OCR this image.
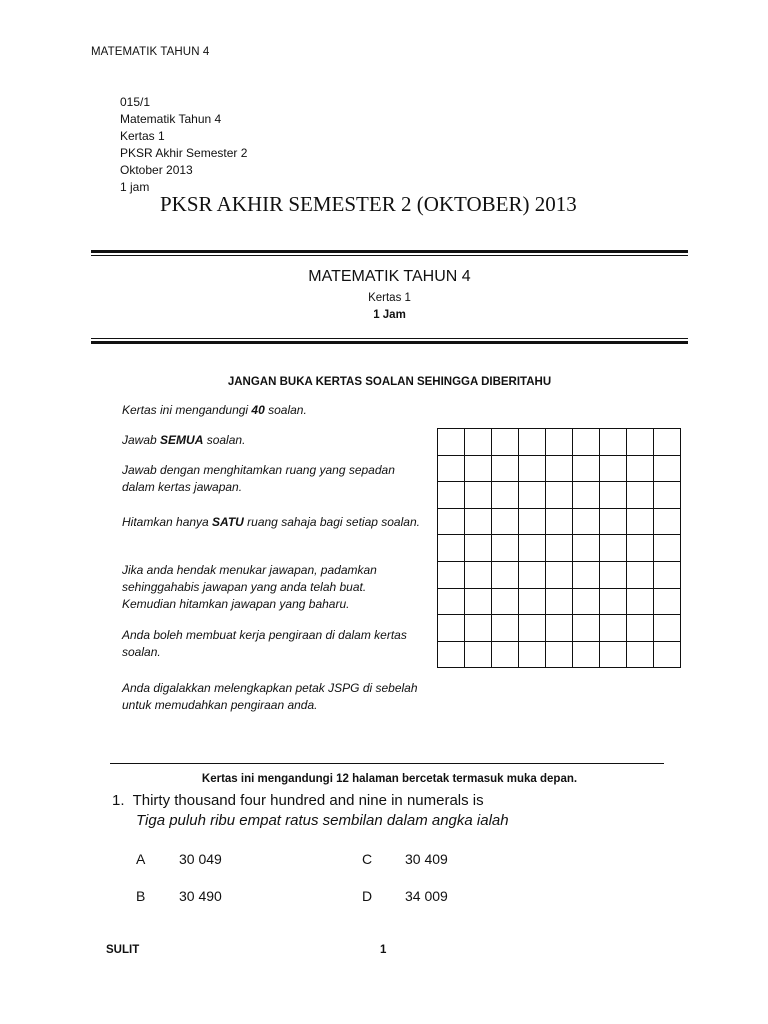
MATEMATIK TAHUN 4
015/1
Matematik Tahun 4
Kertas 1
PKSR Akhir Semester 2
Oktober 2013
1 jam
PKSR AKHIR SEMESTER 2 (OKTOBER) 2013
MATEMATIK TAHUN 4
Kertas 1
1 Jam
JANGAN BUKA KERTAS SOALAN SEHINGGA DIBERITAHU
Kertas ini mengandungi 40 soalan.
Jawab SEMUA soalan.
Jawab dengan menghitamkan ruang yang sepadan dalam kertas jawapan.
Hitamkan hanya SATU ruang sahaja bagi setiap soalan.
Jika anda hendak menukar jawapan, padamkan sehinggahabis jawapan yang anda telah buat. Kemudian hitamkan jawapan yang baharu.
Anda boleh membuat kerja pengiraan di dalam kertas soalan.
Anda digalakkan melengkapkan petak JSPG di sebelah untuk memudahkan pengiraan anda.

Kertas ini mengandungi 12 halaman bercetak termasuk muka depan.
1. Thirty thousand four hundred and nine in numerals is
Tiga puluh ribu empat ratus sembilan dalam angka ialah
A 30 049
B 30 490
C 30 409
D 34 009
SULIT	1
